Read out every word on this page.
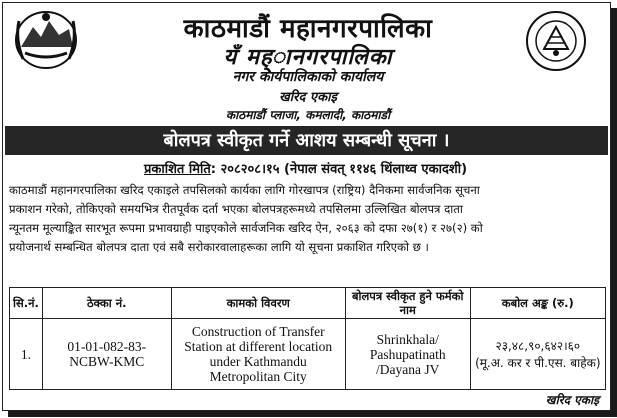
काठमाडौं महानगरपालिका
यँ मह्ानगरपालिका
नगर कार्यपालिकाको कार्यालय
खरिद एकाइ
काठमाडौं प्लाजा, कमलादी, काठमाडौं
बोलपत्र स्वीकृत गर्ने आशय सम्बन्धी सूचना ।
प्रकाशित मिति: २०८२०८।१५ (नेपाल संवत् ११४६ थिंलाथ्व एकादशी)
काठमाडौं महानगरपालिका खरिद एकाइले तपसिलको कार्यका लागि गोरखापत्र (राष्ट्रिय) दैनिकमा सार्वजनिक सूचना
प्रकाशन गरेको, तोकिएको समयभित्र रीतपूर्वक दर्ता भएका बोलपत्रहरूमध्ये तपसिलमा उल्लिखित बोलपत्र दाता
न्यूनतम मूल्याङ्कित सारभूत रूपमा प्रभावग्राही पाइएकोले सार्वजनिक खरिद ऐन, २०६३ को दफा २७(१) र २७(२) को
प्रयोजनार्थ सम्बन्धित बोलपत्र दाता एवं सबै सरोकारवालाहरूका लागि यो सूचना प्रकाशित गरिएको छ ।
सि.नं.	ठेक्का नं.	कामको विवरण	बोलपत्र स्वीकृत हुने फर्मको नाम	कबोल अङ्क (रु.)
1.	01-01-082-83-NCBW-KMC	Construction of Transfer Station at different location under Kathmandu Metropolitan City	Shrinkhala/ Pashupatinath /Dayana JV	२३,४८,९०,६४२।६०
(मू.अ. कर र पी.एस. बाहेक)
खरिद एकाइ
